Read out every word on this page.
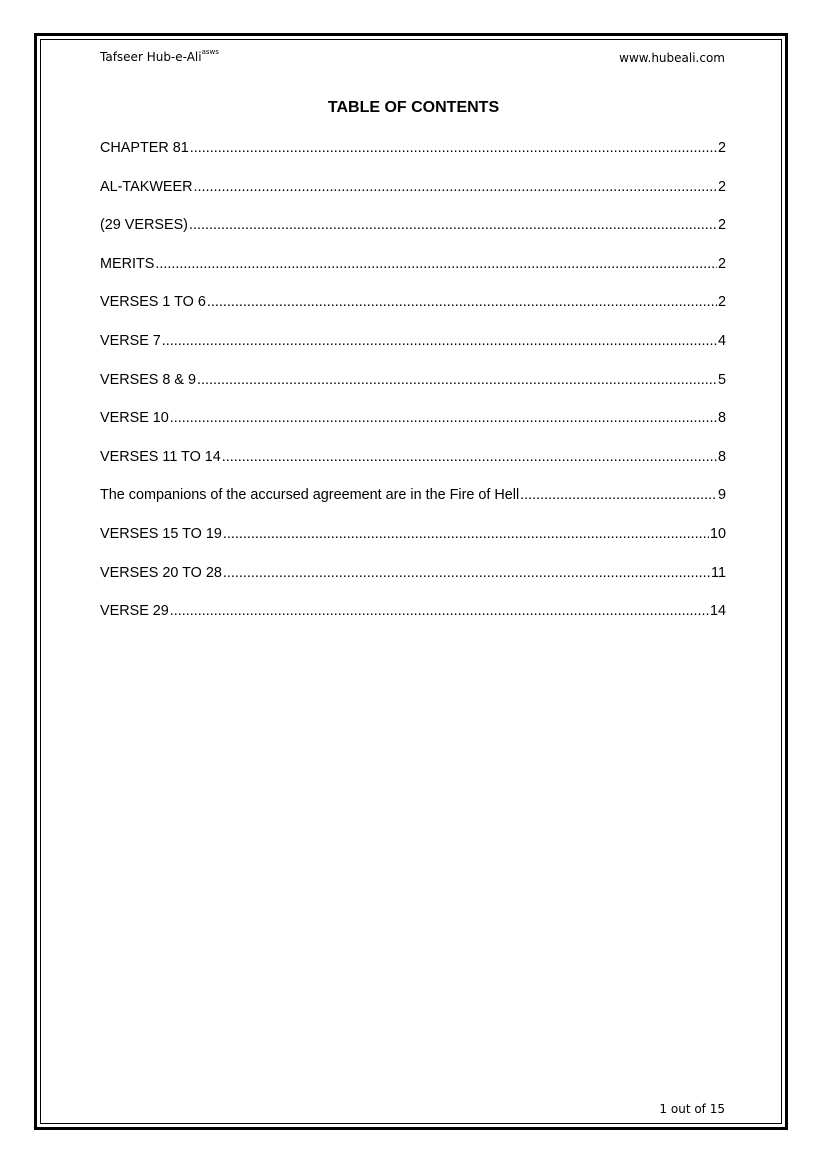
Tafseer Hub-e-Ali$^{asws}$	www.hubeali.com
TABLE OF CONTENTS
CHAPTER 81 .....	2
AL-TAKWEER .....	2
(29 VERSES) .....	2
MERITS .....	2
VERSES 1 TO 6 .....	2
VERSE 7 .....	4
VERSES 8 & 9 .....	5
VERSE 10 .....	8
VERSES 11 TO 14 .....	8
The companions of the accursed agreement are in the Fire of Hell .....	9
VERSES 15 TO 19 .....	10
VERSES 20 TO 28 .....	11
VERSE 29 .....	14
1 out of 15
